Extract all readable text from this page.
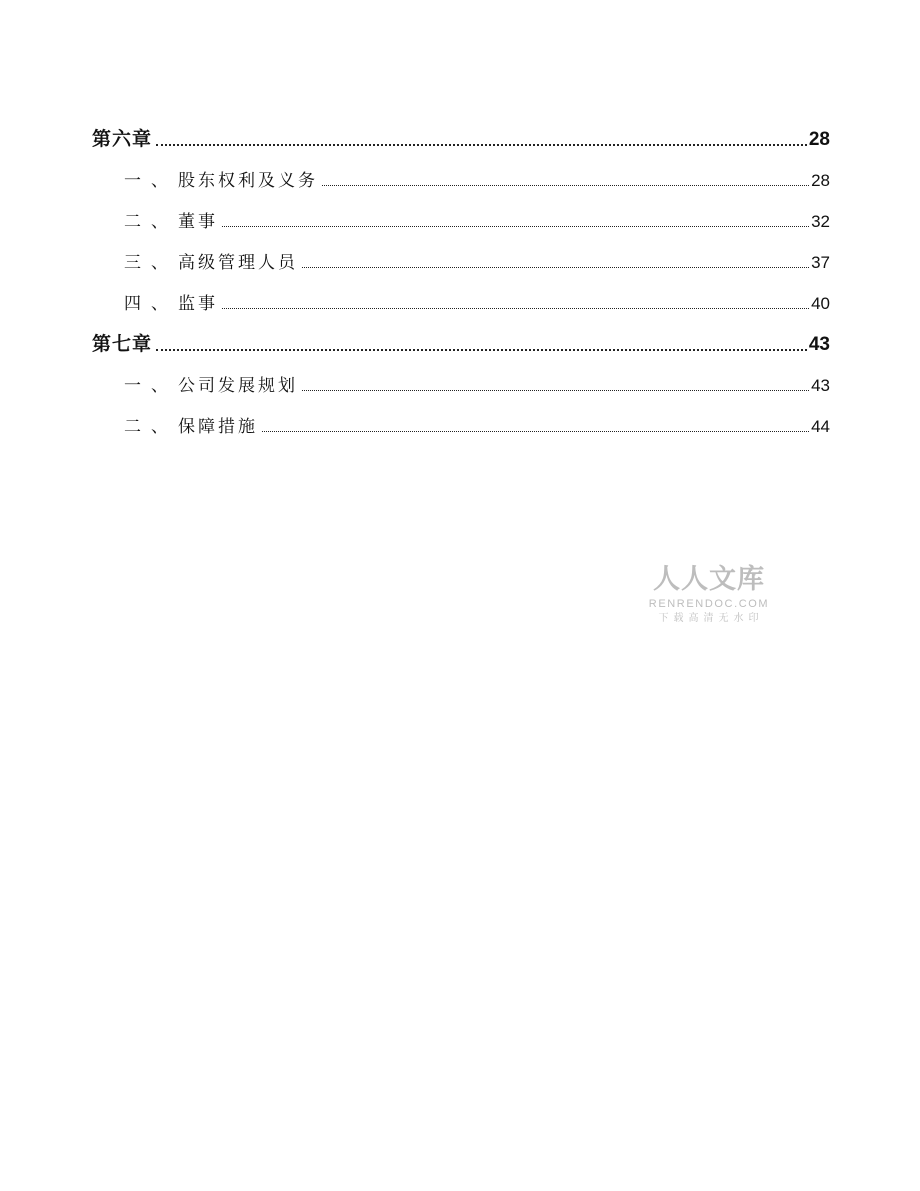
第六章	28
一、 股东权利及义务	28
二、 董事	32
三、 高级管理人员	37
四、 监事	40
第七章	43
一、 公司发展规划	43
二、 保障措施	44
人人文库
RENRENDOC.COM
下载高清无水印
